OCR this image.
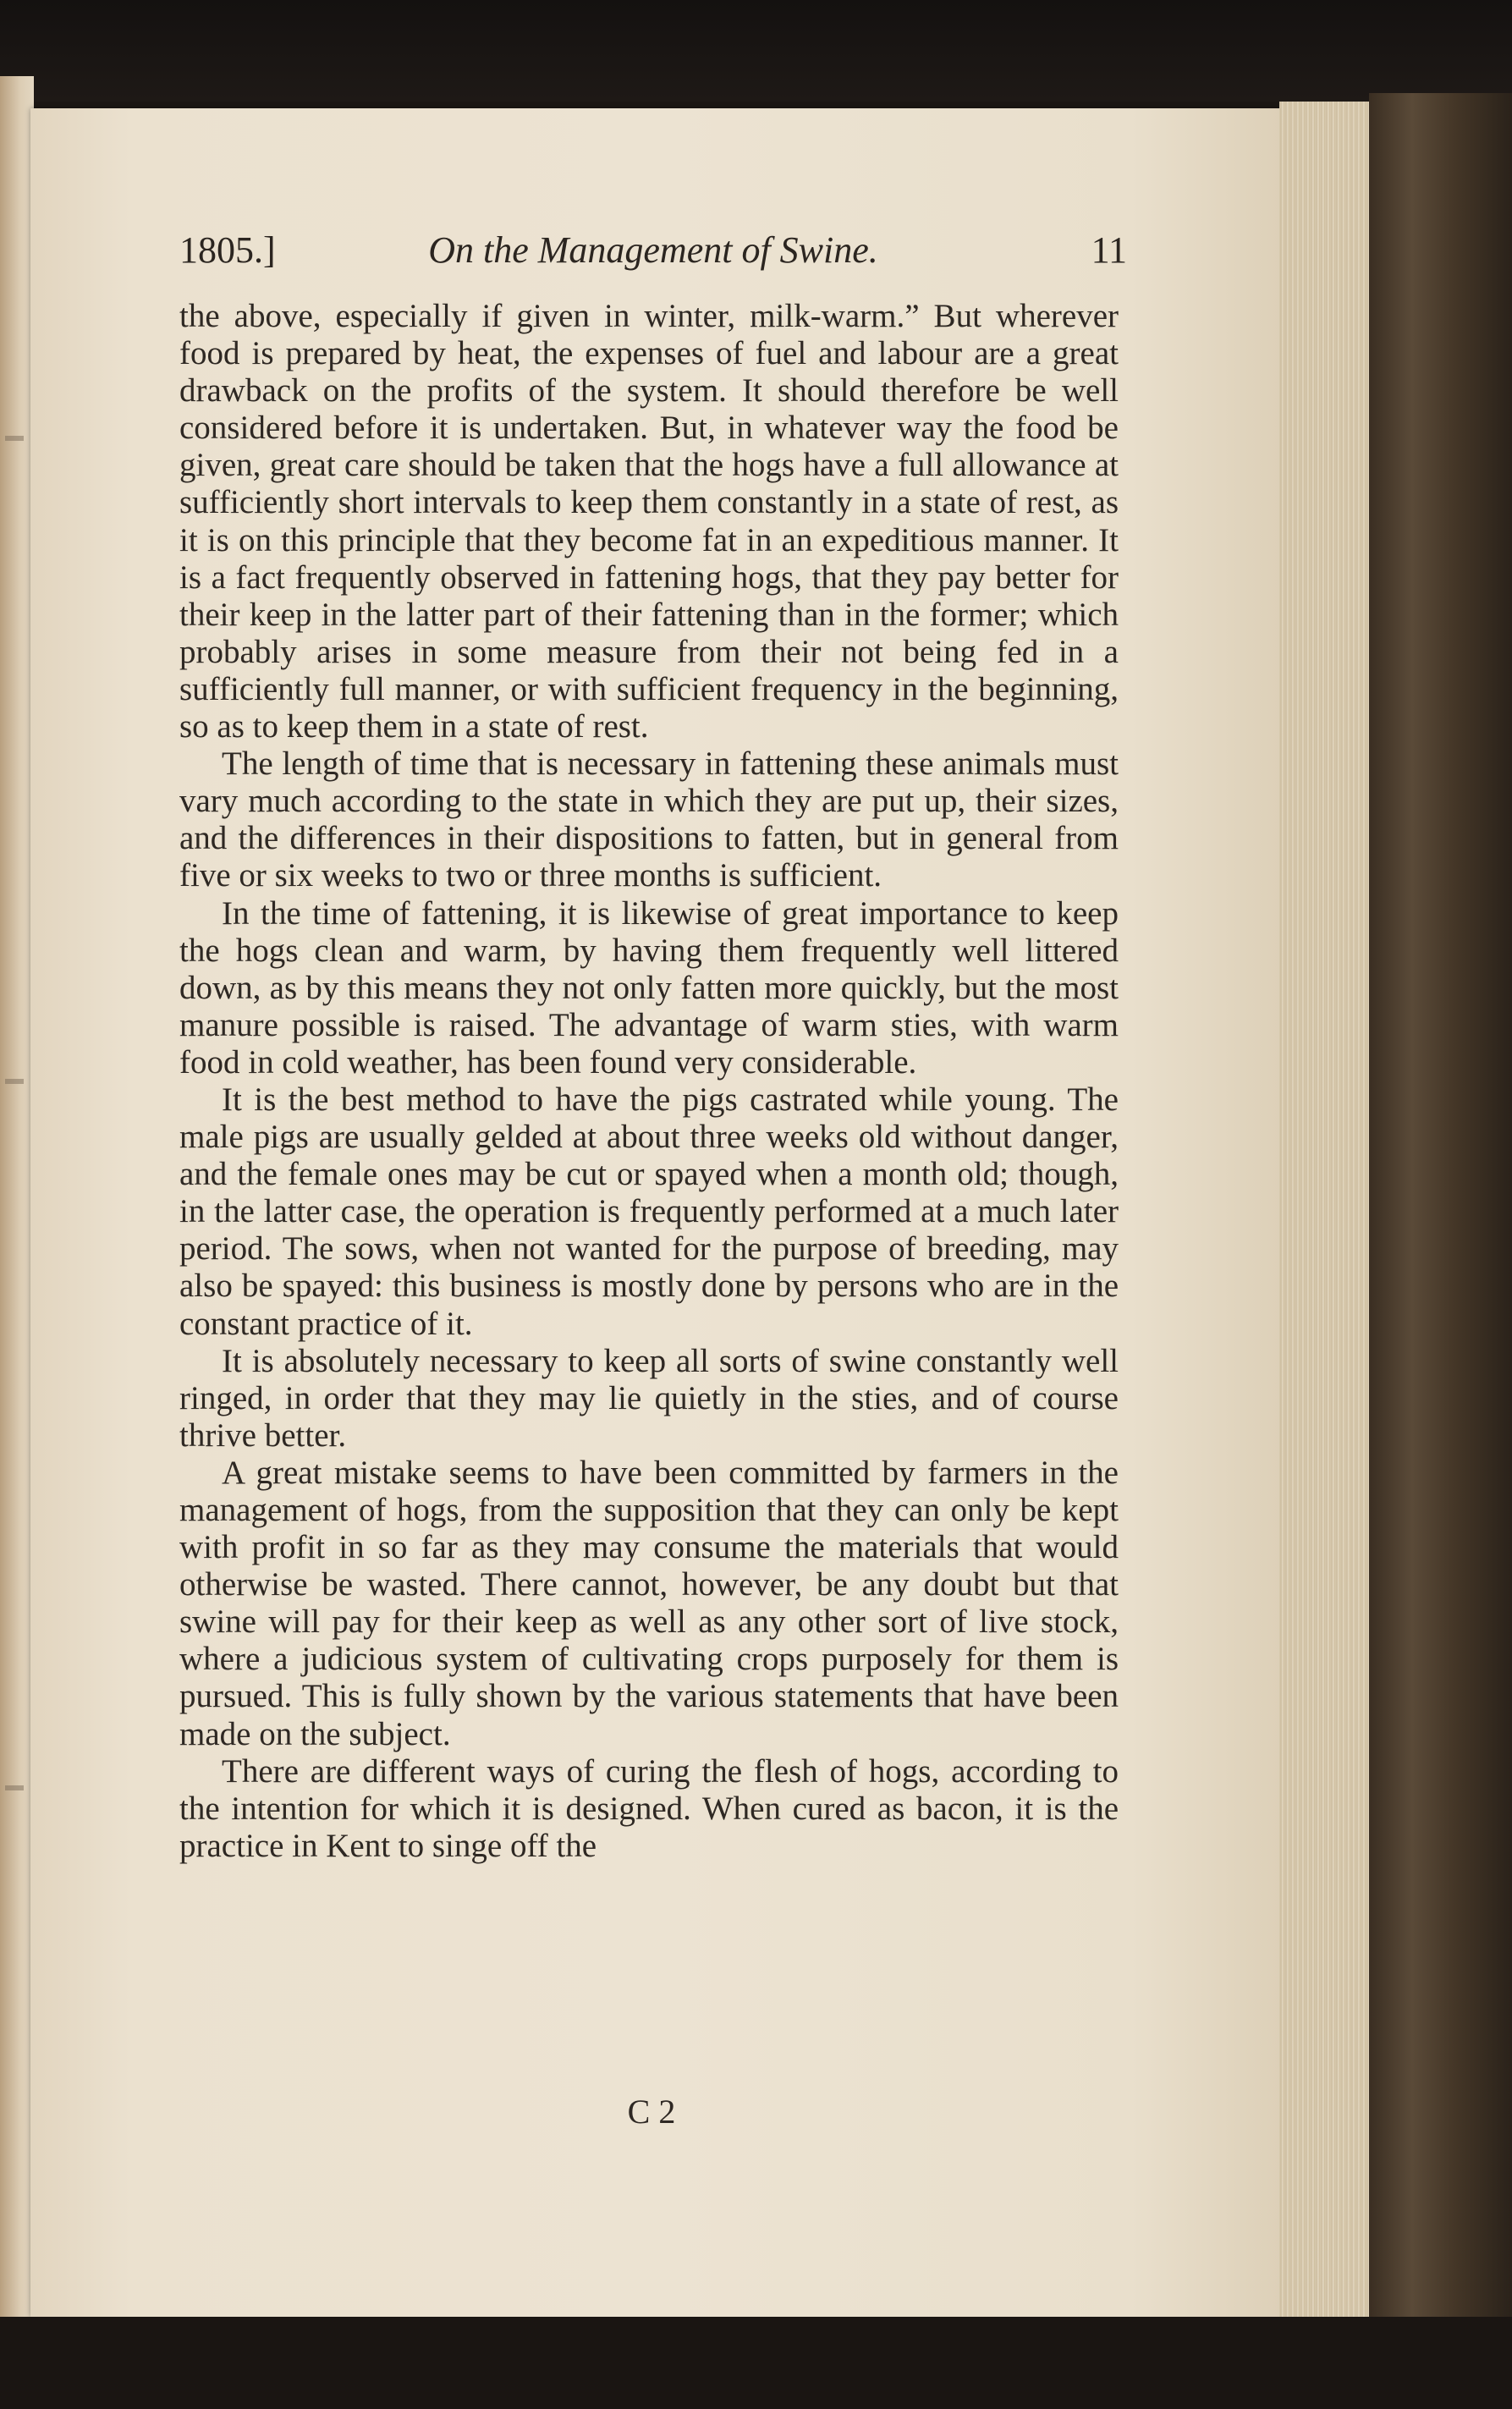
1805.]	On the Management of Swine.	11

the above, especially if given in winter, milk-warm.” But wherever food is prepared by heat, the expenses of fuel and labour are a great drawback on the profits of the system. It should therefore be well considered before it is undertaken. But, in whatever way the food be given, great care should be taken that the hogs have a full allowance at sufficiently short intervals to keep them constantly in a state of rest, as it is on this principle that they become fat in an expeditious manner. It is a fact frequently observed in fattening hogs, that they pay better for their keep in the latter part of their fattening than in the former; which probably arises in some measure from their not being fed in a sufficiently full manner, or with sufficient frequency in the beginning, so as to keep them in a state of rest.

The length of time that is necessary in fattening these animals must vary much according to the state in which they are put up, their sizes, and the differences in their dispositions to fatten, but in general from five or six weeks to two or three months is sufficient.

In the time of fattening, it is likewise of great importance to keep the hogs clean and warm, by having them frequently well littered down, as by this means they not only fatten more quickly, but the most manure possible is raised. The advantage of warm sties, with warm food in cold weather, has been found very considerable.

It is the best method to have the pigs castrated while young. The male pigs are usually gelded at about three weeks old without danger, and the female ones may be cut or spayed when a month old; though, in the latter case, the operation is frequently performed at a much later period. The sows, when not wanted for the purpose of breeding, may also be spayed: this business is mostly done by persons who are in the constant practice of it.

It is absolutely necessary to keep all sorts of swine constantly well ringed, in order that they may lie quietly in the sties, and of course thrive better.

A great mistake seems to have been committed by farmers in the management of hogs, from the supposition that they can only be kept with profit in so far as they may consume the materials that would otherwise be wasted. There cannot, however, be any doubt but that swine will pay for their keep as well as any other sort of live stock, where a judicious system of cultivating crops purposely for them is pursued. This is fully shown by the various statements that have been made on the subject.

There are different ways of curing the flesh of hogs, according to the intention for which it is designed. When cured as bacon, it is the practice in Kent to singe off the

C 2
